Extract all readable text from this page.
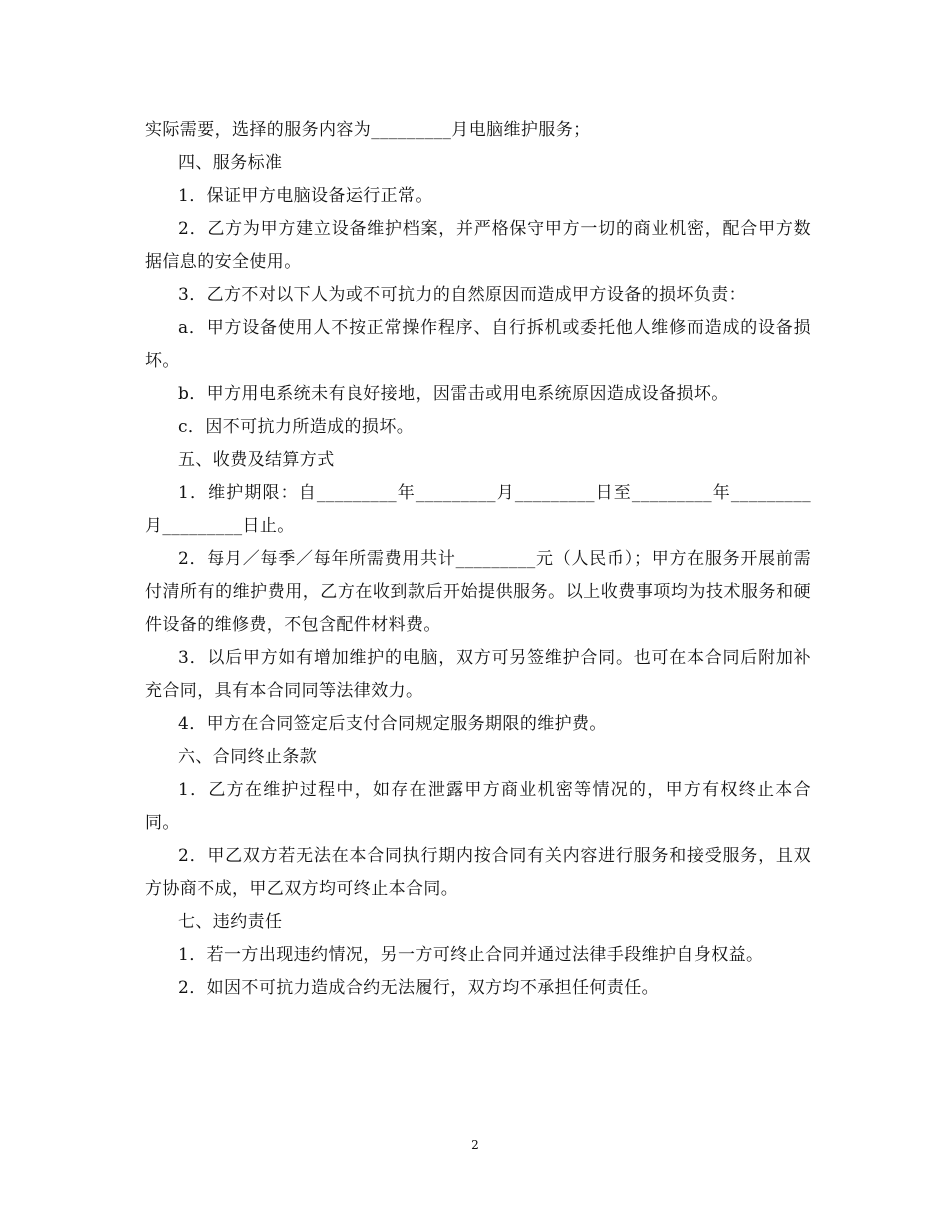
实际需要，选择的服务内容为_________月电脑维护服务；

四、服务标准

1．保证甲方电脑设备运行正常。

2．乙方为甲方建立设备维护档案，并严格保守甲方一切的商业机密，配合甲方数据信息的安全使用。

3．乙方不对以下人为或不可抗力的自然原因而造成甲方设备的损坏负责：

a．甲方设备使用人不按正常操作程序、自行拆机或委托他人维修而造成的设备损坏。

b．甲方用电系统未有良好接地，因雷击或用电系统原因造成设备损坏。

c．因不可抗力所造成的损坏。

五、收费及结算方式

1．维护期限：自_________年_________月_________日至_________年_________月_________日止。

2．每月／每季／每年所需费用共计_________元（人民币）；甲方在服务开展前需付清所有的维护费用，乙方在收到款后开始提供服务。以上收费事项均为技术服务和硬件设备的维修费，不包含配件材料费。

3．以后甲方如有增加维护的电脑，双方可另签维护合同。也可在本合同后附加补充合同，具有本合同同等法律效力。

4．甲方在合同签定后支付合同规定服务期限的维护费。

六、合同终止条款

1．乙方在维护过程中，如存在泄露甲方商业机密等情况的，甲方有权终止本合同。

2．甲乙双方若无法在本合同执行期内按合同有关内容进行服务和接受服务，且双方协商不成，甲乙双方均可终止本合同。

七、违约责任

1．若一方出现违约情况，另一方可终止合同并通过法律手段维护自身权益。

2．如因不可抗力造成合约无法履行，双方均不承担任何责任。

2
